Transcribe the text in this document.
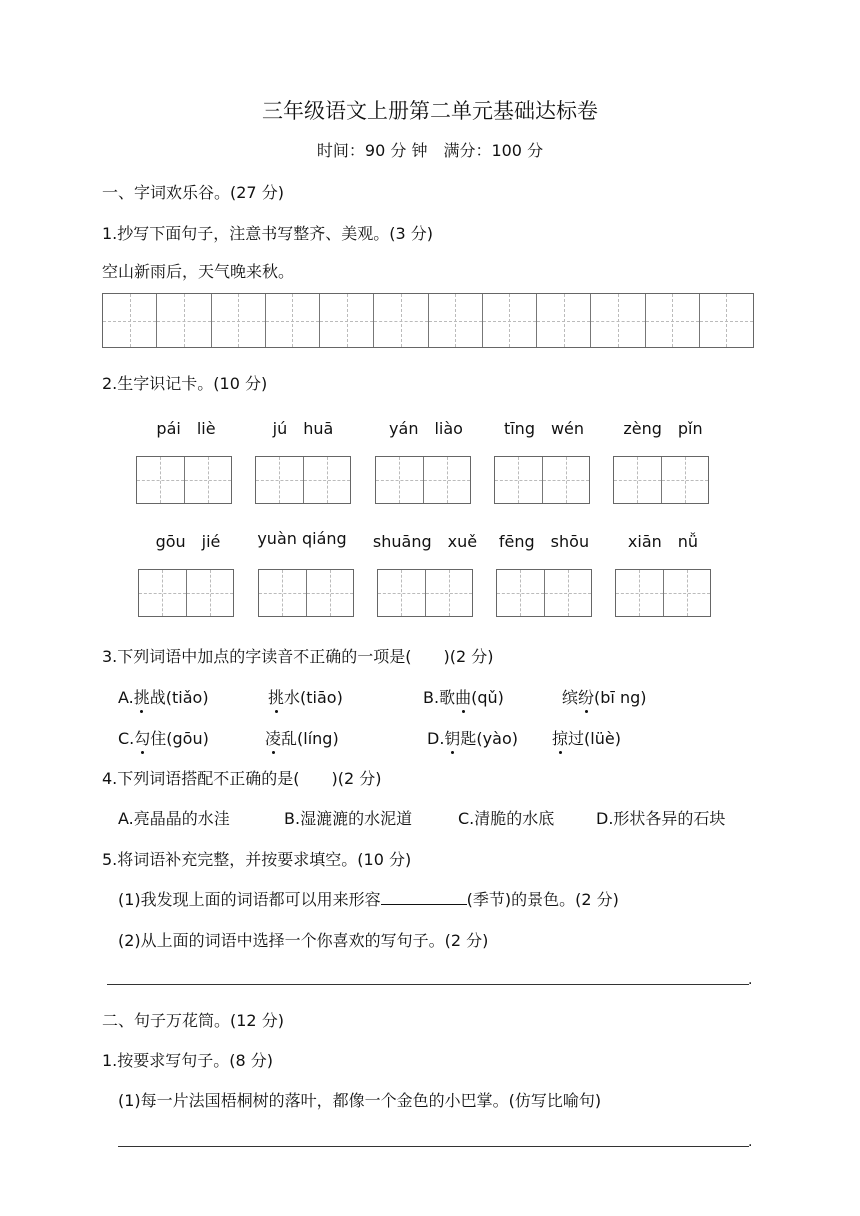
三年级语文上册第二单元基础达标卷
时间：90 分 钟　满分：100 分
一、字词欢乐谷。(27 分)
1.抄写下面句子，注意书写整齐、美观。(3 分)
空山新雨后，天气晚来秋。
2.生字识记卡。(10 分)
pái　liè	jú　huā	yán　liào	tīng　wén	zèng　pǐn
gōu　jié	yuàn qiáng	shuāng　xuě	fēng　shōu	xiān　nǚ
3.下列词语中加点的字读音不正确的一项是(　　)(2 分)
A.挑战(tiǎo)	挑水(tiāo)	B.歌曲(qǔ)	缤纷(bī ng)
C.勾住(gōu)	凌乱(líng)	D.钥匙(yào) 掠过(lüè)
4.下列词语搭配不正确的是(　　)(2 分)
A.亮晶晶的水洼	B.湿漉漉的水泥道	C.清脆的水底	D.形状各异的石块
5.将词语补充完整，并按要求填空。(10 分)
(1)我发现上面的词语都可以用来形容	(季节)的景色。(2 分)
(2)从上面的词语中选择一个你喜欢的写句子。(2 分)
.
二、句子万花筒。(12 分)
1.按要求写句子。(8 分)
(1)每一片法国梧桐树的落叶，都像一个金色的小巴掌。(仿写比喻句)
.
